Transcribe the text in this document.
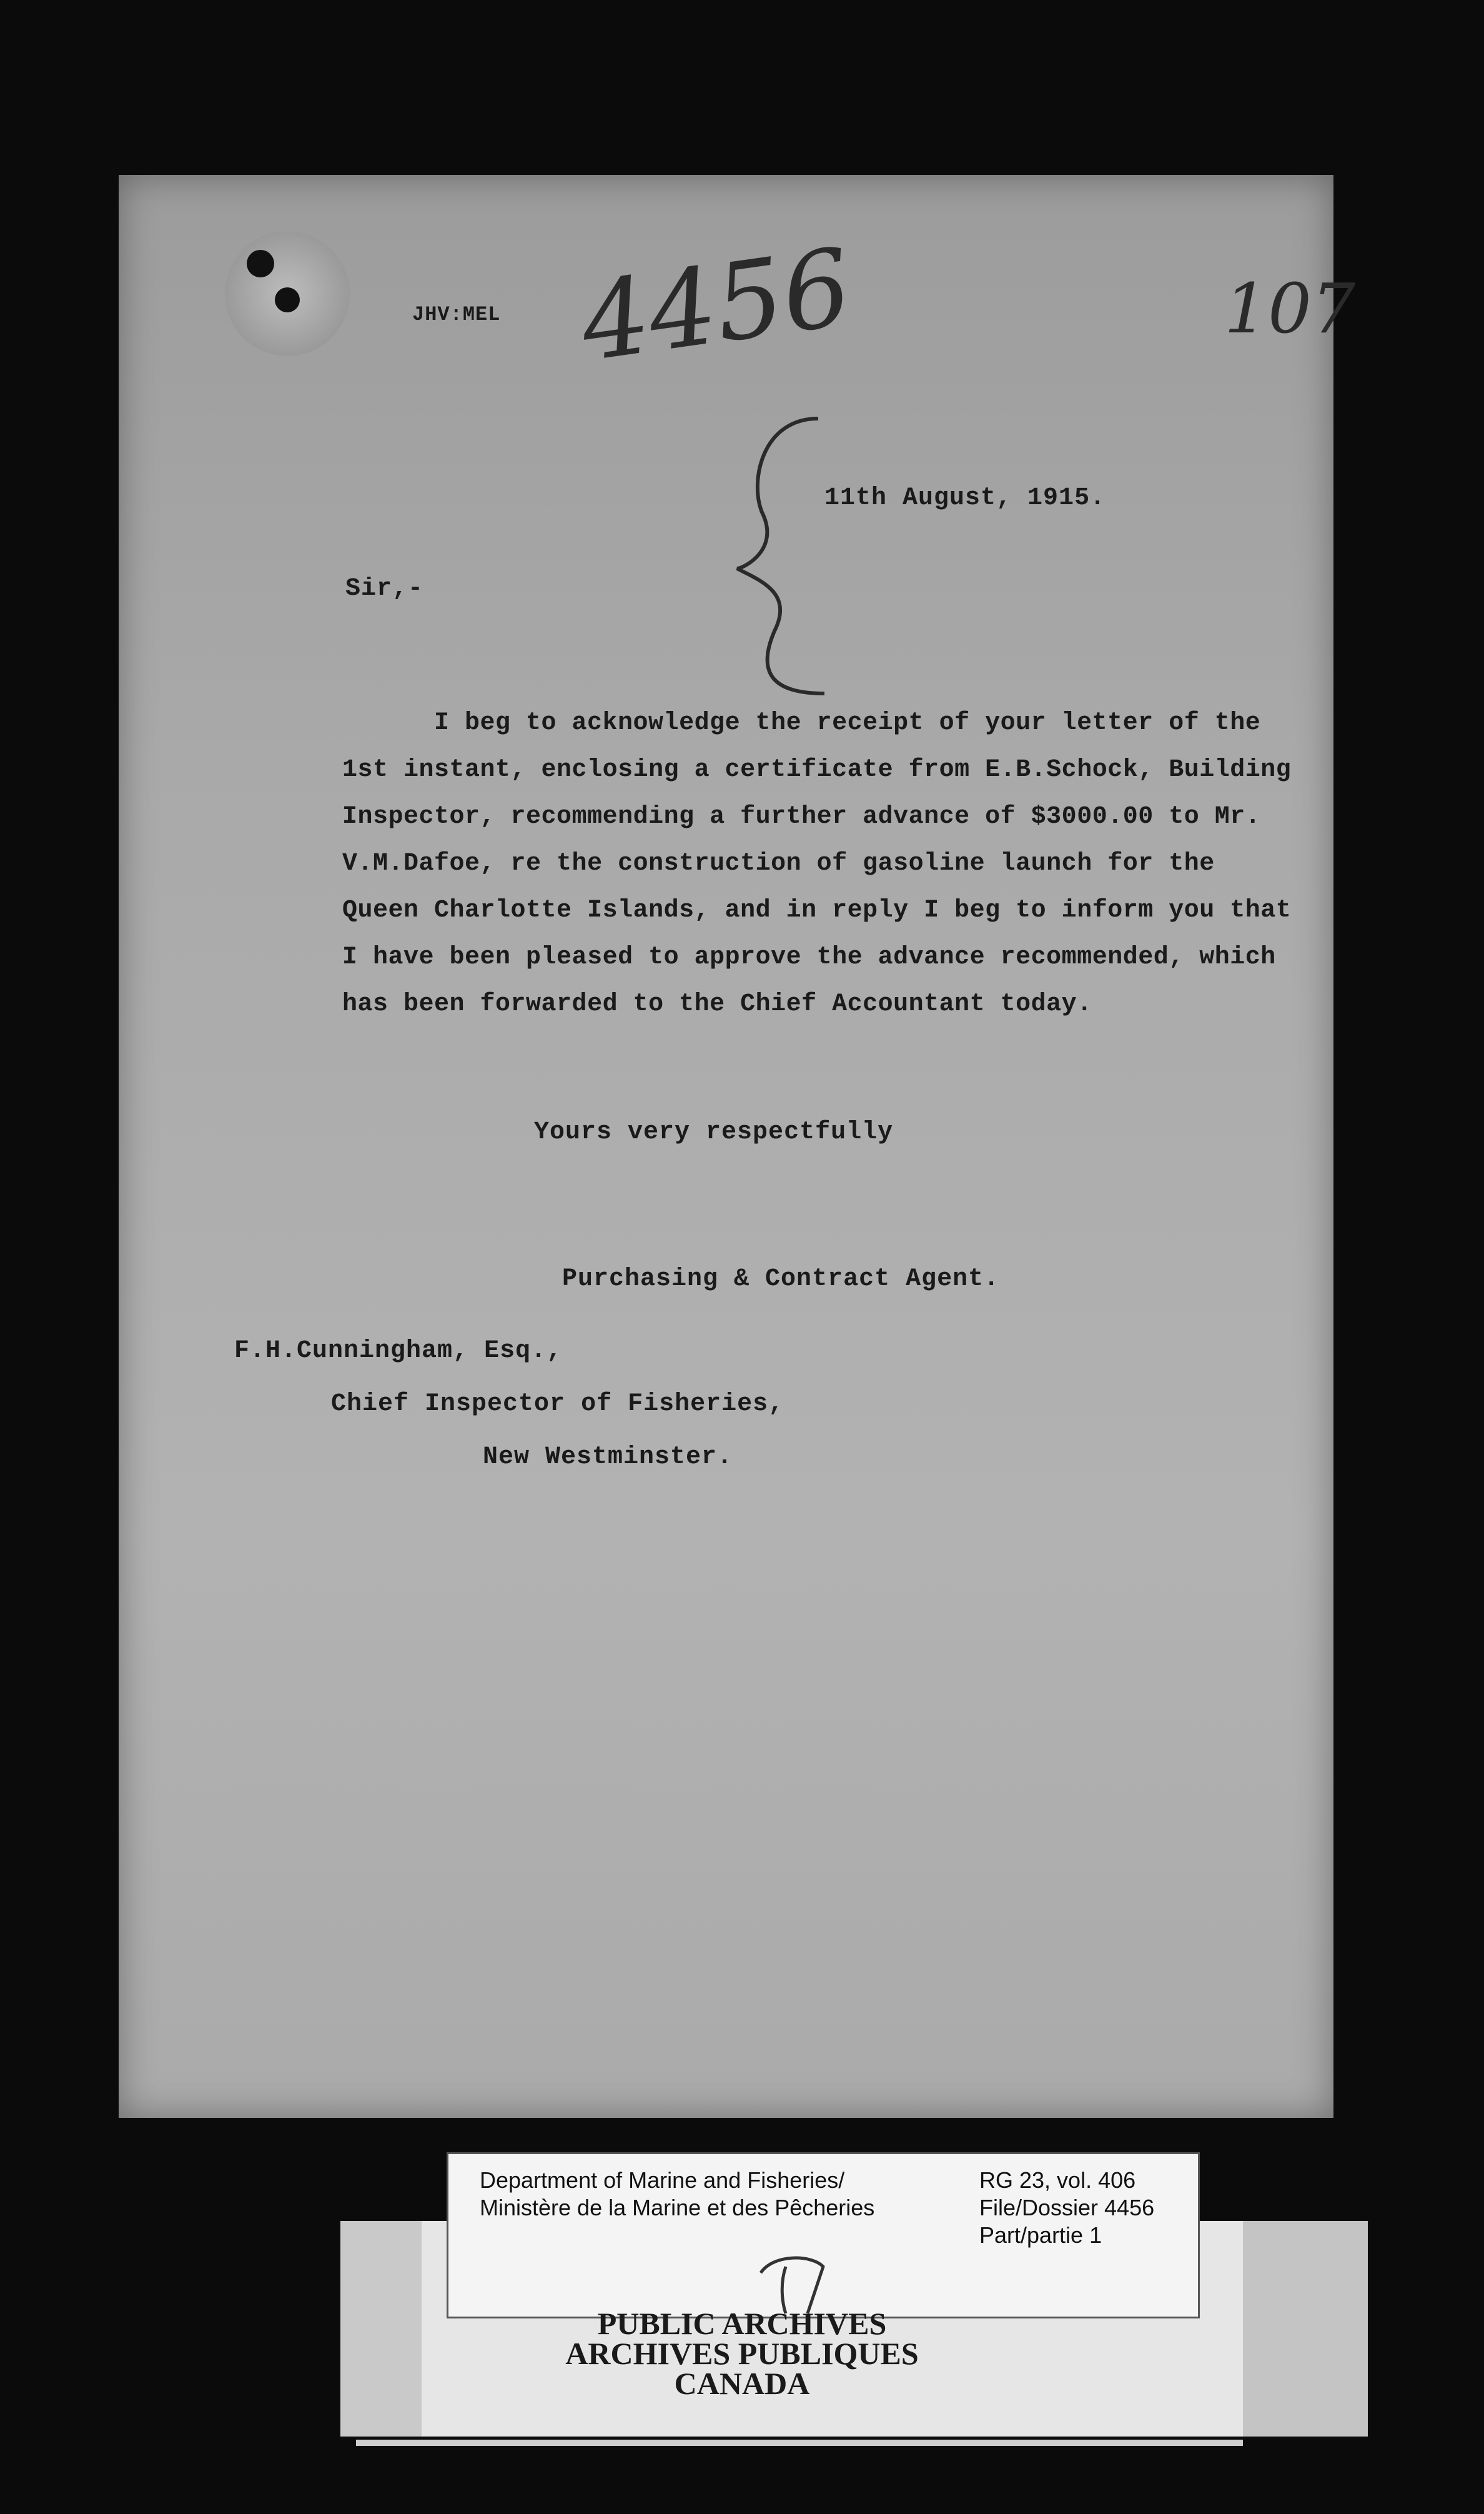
JHV:MEL 4456	107
11th August, 1915.
Sir,-
I beg to acknowledge the receipt of your letter of the
1st instant, enclosing a certificate from E.B.Schock, Building
Inspector, recommending a further advance of $3000.00 to Mr.
V.M.Dafoe, re the construction of gasoline launch for the
Queen Charlotte Islands, and in reply I beg to inform you that
I have been pleased to approve the advance recommended, which
has been forwarded to the Chief Accountant today.
Yours very respectfully
Purchasing & Contract Agent.
F.H.Cunningham, Esq.,
Chief Inspector of Fisheries,
New Westminster.
Department of Marine and Fisheries/
Ministère de la Marine et des Pêcheries
RG 23, vol. 406
File/Dossier 4456
Part/partie 1
PUBLIC ARCHIVES
ARCHIVES PUBLIQUES
CANADA
